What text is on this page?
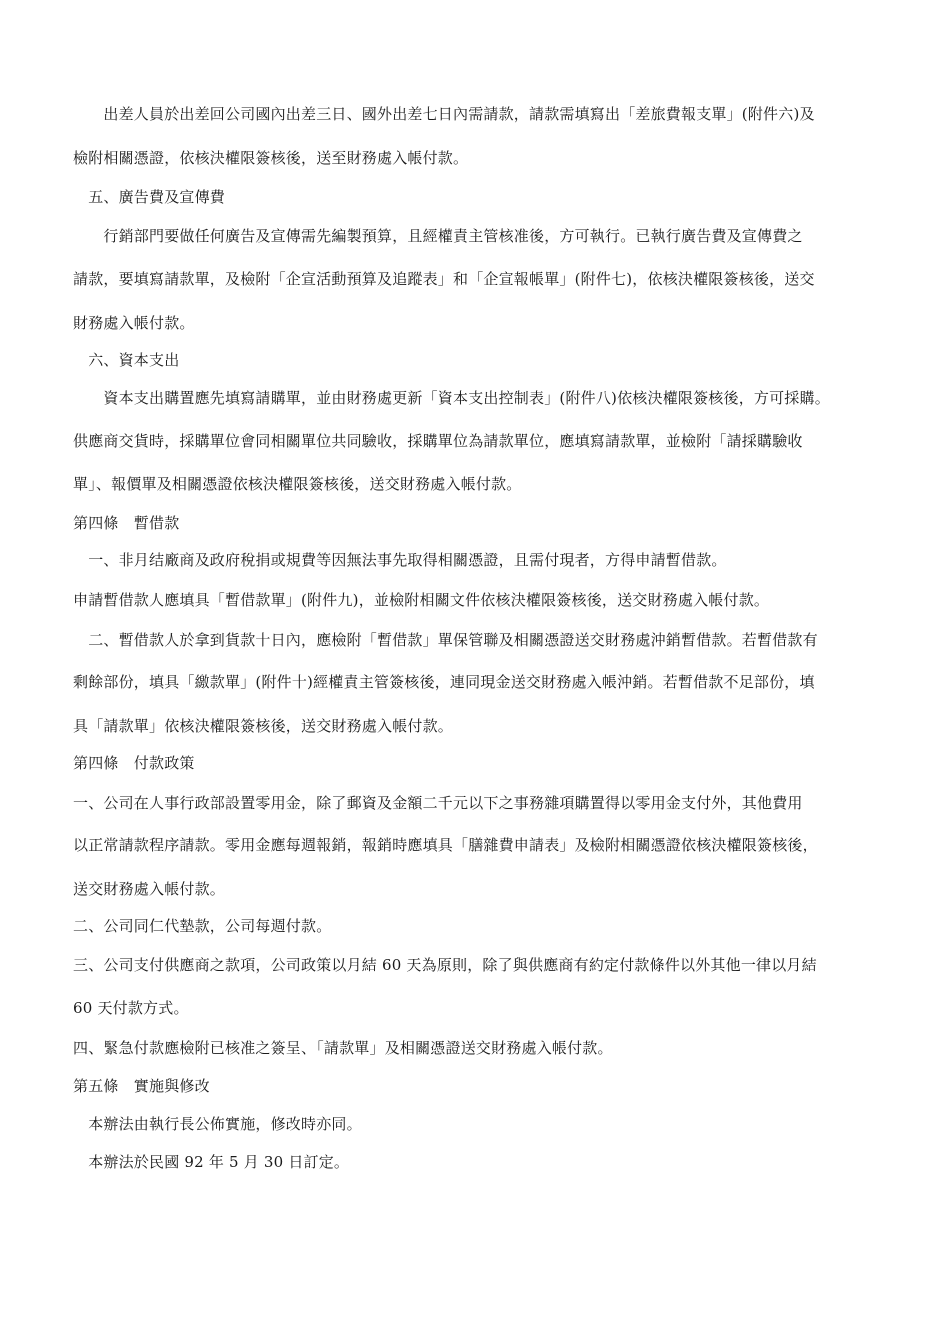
　　出差人員於出差回公司國內出差三日、國外出差七日內需請款，請款需填寫出「差旅費報支單」(附件六)及
檢附相關憑證，依核決權限簽核後，送至財務處入帳付款。
　五、廣告費及宣傳費
　　行銷部門要做任何廣告及宣傳需先編製預算，且經權責主管核准後，方可執行。已執行廣告費及宣傳費之
請款，要填寫請款單，及檢附「企宣活動預算及追蹤表」和「企宣報帳單」(附件七)，依核決權限簽核後，送交
財務處入帳付款。
　六、資本支出
　　資本支出購置應先填寫請購單，並由財務處更新「資本支出控制表」(附件八)依核決權限簽核後，方可採購。
供應商交貨時，採購單位會同相關單位共同驗收，採購單位為請款單位，應填寫請款單，並檢附「請採購驗收
單」、報價單及相關憑證依核決權限簽核後，送交財務處入帳付款。
第四條　暫借款
　一、非月结廠商及政府稅捐或規費等因無法事先取得相關憑證，且需付現者，方得申請暫借款。
申請暫借款人應填具「暫借款單」(附件九)，並檢附相關文件依核決權限簽核後，送交財務處入帳付款。
　二、暫借款人於拿到貨款十日內，應檢附「暫借款」單保管聯及相關憑證送交財務處沖銷暫借款。若暫借款有
剩餘部份，填具「繳款單」(附件十)經權責主管簽核後，連同現金送交財務處入帳沖銷。若暫借款不足部份，填
具「請款單」依核決權限簽核後，送交財務處入帳付款。
第四條　付款政策
一、公司在人事行政部設置零用金，除了郵資及金額二千元以下之事務雜項購置得以零用金支付外，其他費用
以正常請款程序請款。零用金應每週報銷，報銷時應填具「膳雜費申請表」及檢附相關憑證依核決權限簽核後，
送交財務處入帳付款。
二、公司同仁代墊款，公司每週付款。
三、公司支付供應商之款項，公司政策以月結 60 天為原則，除了與供應商有約定付款條件以外其他一律以月結
60 天付款方式。
四、緊急付款應檢附已核准之簽呈、「請款單」及相關憑證送交財務處入帳付款。
第五條　實施與修改
　本辦法由執行長公佈實施，修改時亦同。
　本辦法於民國 92 年 5 月 30 日訂定。
